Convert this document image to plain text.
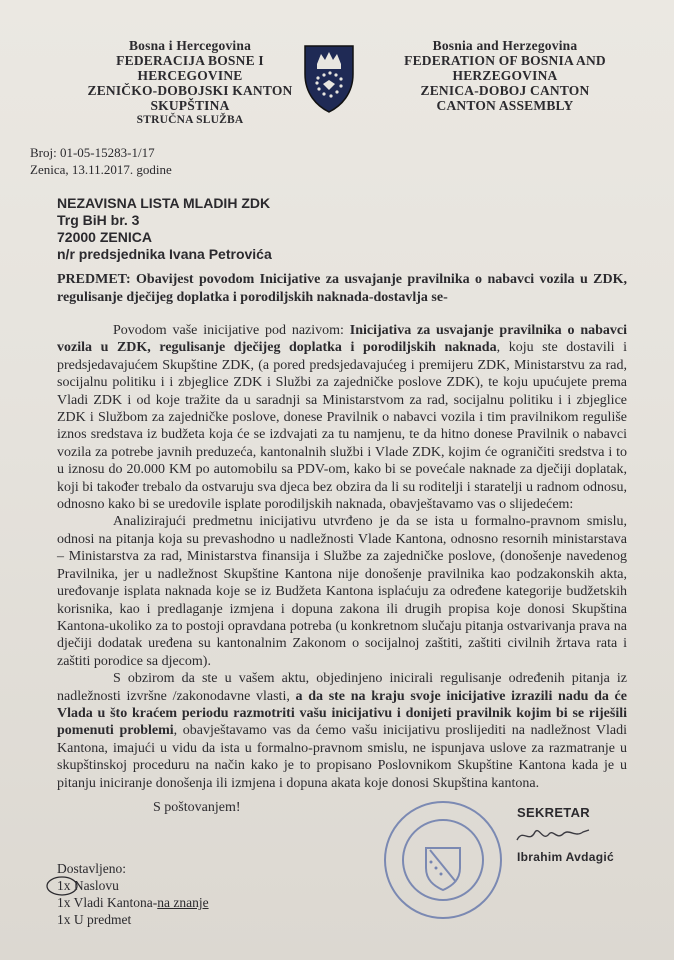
Bosna i Hercegovina
FEDERACIJA BOSNE I
HERCEGOVINE
ZENIČKO-DOBOJSKI KANTON
SKUPŠTINA
STRUČNA SLUŽBA
Bosnia and Herzegovina
FEDERATION OF BOSNIA AND
HERZEGOVINA
ZENICA-DOBOJ CANTON
CANTON ASSEMBLY
Broj: 01-05-15283-1/17
Zenica, 13.11.2017. godine
NEZAVISNA LISTA MLADIH ZDK
Trg BiH br. 3
72000 ZENICA
n/r predsjednika Ivana Petrovića
PREDMET: Obavijest povodom Inicijative za usvajanje pravilnika o nabavci vozila u ZDK, regulisanje dječijeg doplatka i porodiljskih naknada-dostavlja se-

Povodom vaše inicijative pod nazivom: Inicijativa za usvajanje pravilnika o nabavci vozila u ZDK, regulisanje dječijeg doplatka i porodiljskih naknada, koju ste dostavili i predsjedavajućem Skupštine ZDK, (a pored predsjedavajućeg i premijeru ZDK, Ministarstvu za rad, socijalnu politiku i i zbjeglice ZDK i Službi za zajedničke poslove ZDK), te koju upućujete prema Vladi ZDK i od koje tražite da u saradnji sa Ministarstvom za rad, socijalnu politiku i i zbjeglice ZDK i Službom za zajedničke poslove, donese Pravilnik o nabavci vozila i tim pravilnikom reguliše iznos sredstava iz budžeta koja će se izdvajati za tu namjenu, te da hitno donese Pravilnik o nabavci vozila za potrebe javnih preduzeća, kantonalnih službi i Vlade ZDK, kojim će ograničiti sredstva i to u iznosu do 20.000 KM po automobilu sa PDV-om, kako bi se povećale naknade za dječiji doplatak, koji bi također trebalo da ostvaruju sva djeca bez obzira da li su roditelji i staratelji u radnom odnosu, odnosno kako bi se uredovile isplate porodiljskih naknada, obavještavamo vas o slijedećem:

Analizirajući predmetnu inicijativu utvrđeno je da se ista u formalno-pravnom smislu, odnosi na pitanja koja su prevashodno u nadležnosti Vlade Kantona, odnosno resornih ministarstava – Ministarstva za rad, Ministarstva finansija i Službe za zajedničke poslove, (donošenje navedenog Pravilnika, jer u nadležnost Skupštine Kantona nije donošenje pravilnika kao podzakonskih akta, uređovanje isplata naknada koje se iz Budžeta Kantona isplaćuju za određene kategorije budžetskih korisnika, kao i predlaganje izmjena i dopuna zakona ili drugih propisa koje donosi Skupština Kantona-ukoliko za to postoji opravdana potreba (u konkretnom slučaju pitanja ostvarivanja prava na dječiji dodatak uređena su kantonalnim Zakonom o socijalnoj zaštiti, zaštiti civilnih žrtava rata i zaštiti porodice sa djecom).

S obzirom da ste u vašem aktu, objedinjeno inicirali regulisanje određenih pitanja iz nadležnosti izvršne /zakonodavne vlasti, a da ste na kraju svoje inicijative izrazili nadu da će Vlada u što kraćem periodu razmotriti vašu inicijativu i donijeti pravilnik kojim bi se riješili pomenuti problemi, obavještavamo vas da ćemo vašu inicijativu proslijediti na nadležnost Vladi Kantona, imajući u vidu da ista u formalno-pravnom smislu, ne ispunjava uslove za razmatranje u skupštinskoj proceduru na način kako je to propisano Poslovnikom Skupštine Kantona kada je u pitanju iniciranje donošenja ili izmjena i dopuna akata koje donosi Skupština kantona.

S poštovanjem!	SEKRETAR
Ibrahim Avdagić
Dostavljeno:
1x Naslovu
1x Vladi Kantona-na znanje
1x U predmet
